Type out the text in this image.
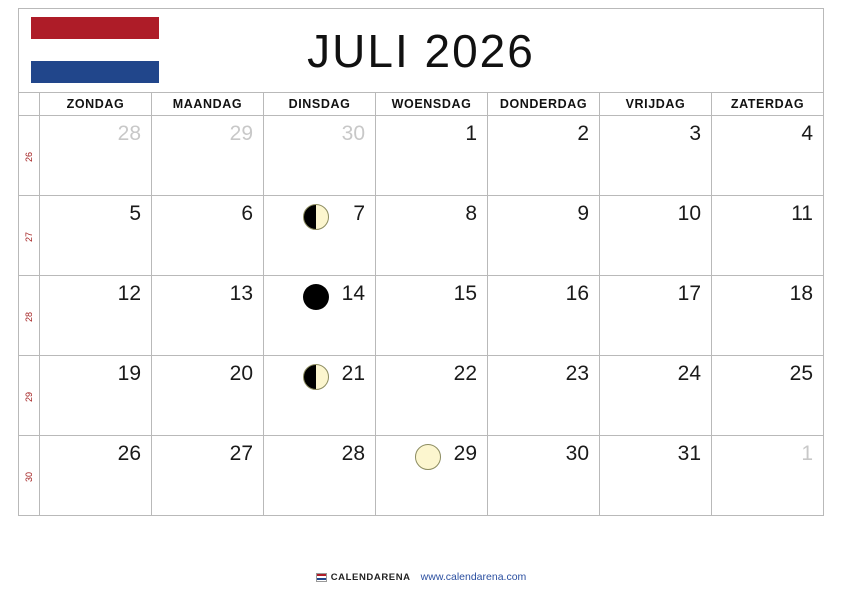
JULI 2026
	ZONDAG	MAANDAG	DINSDAG	WOENSDAG	DONDERDAG	VRIJDAG	ZATERDAG
26	28	29	30	1	2	3	4

27	5	6	7	8	9	10	11

28	12	13	14	15	16	17	18

29	19	20	21	22	23	24	25

30	26	27	28	29	30	31	1
CALENDARENA www.calendarena.com
